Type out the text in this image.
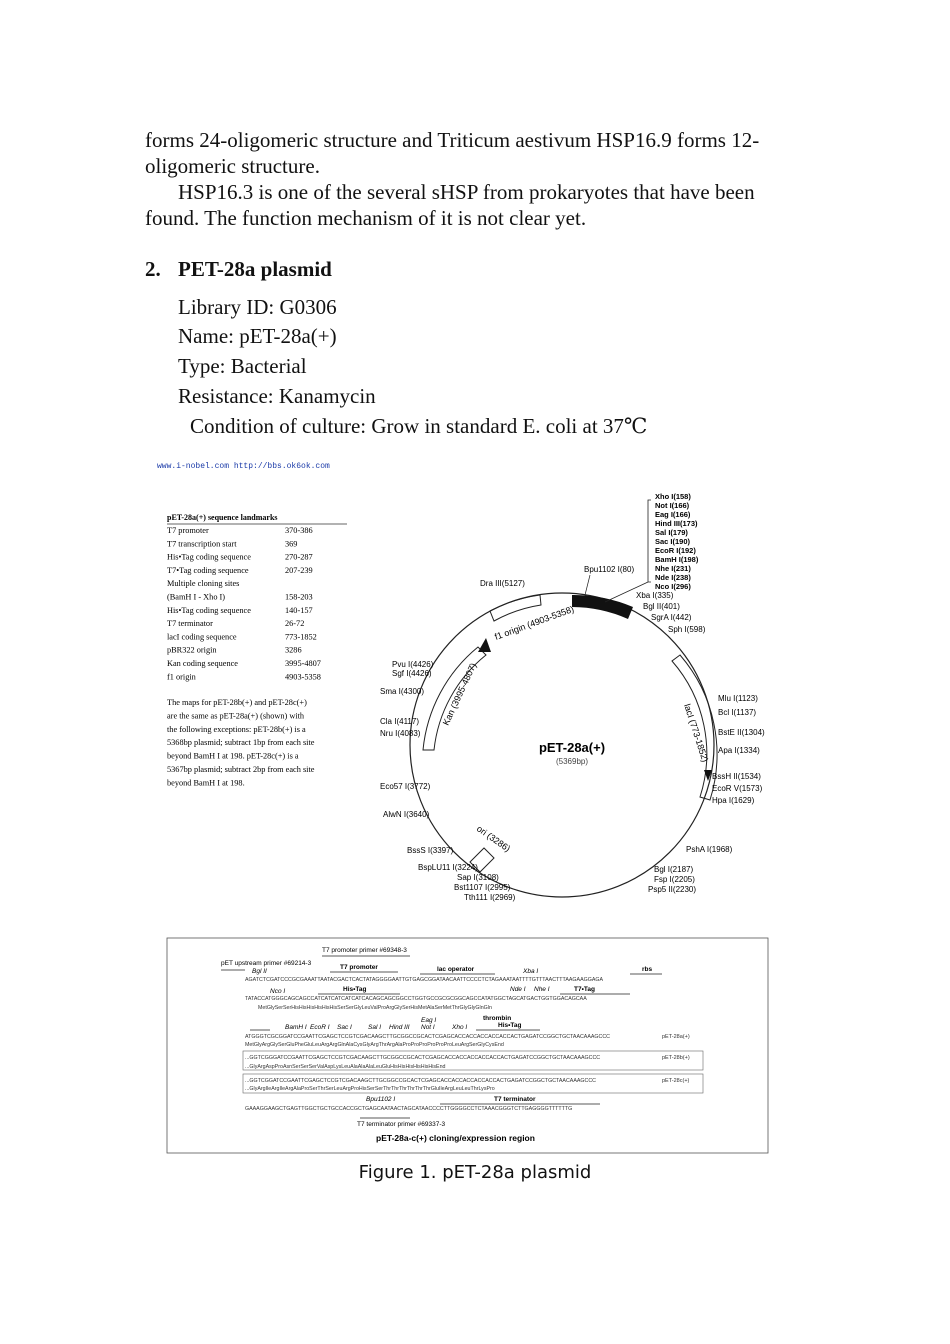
forms 24-oligomeric structure and Triticum aestivum HSP16.9 forms 12-
oligomeric structure.
HSP16.3 is one of the several sHSP from prokaryotes that have been
found. The function mechanism of it is not clear yet.
2. PET-28a plasmid
Library ID: G0306
Name: pET-28a(+)
Type: Bacterial
Resistance: Kanamycin
Condition of culture: Grow in standard E. coli at 37℃
www.i-nobel.com http://bbs.ok6ok.com
pET-28a(+) sequence landmarks
T7 promoter	370-386
T7 transcription start	369
His•Tag coding sequence	270-287
T7•Tag coding sequence	207-239
Multiple cloning sites
(BamH I - Xho I)	158-203
His•Tag coding sequence	140-157
T7 terminator	26-72
lacI coding sequence	773-1852
pBR322 origin	3286
Kan coding sequence	3995-4807
f1 origin	4903-5358
The maps for pET-28b(+) and pET-28c(+)
are the same as pET-28a(+) (shown) with
the following exceptions: pET-28b(+) is a
5368bp plasmid; subtract 1bp from each site
beyond BamH I at 198. pET-28c(+) is a
5367bp plasmid; subtract 2bp from each site
beyond BamH I at 198.
pET-28a(+)
(5369bp)
f1 origin (4903-5358)
Kan (3995-4807)
lacI (773-1852)
ori (3286)
Xho I(158)
Not I(166)
Eag I(166)
Hind III(173)
Sal I(179)
Sac I(190)
EcoR I(192)
BamH I(198)
Nhe I(231)
Nde I(238)
Nco I(296)
Bpu1102 I(80)
Xba I(335)
Bgl II(401)
SgrA I(442)
Sph I(598)
Mlu I(1123)
Bcl I(1137)
BstE II(1304)
Apa I(1334)
BssH II(1534)
EcoR V(1573)
Hpa I(1629)
PshA I(1968)
Bgl I(2187)
Fsp I(2205)
Psp5 II(2230)
Tth111 I(2969)
Bst1107 I(2995)
Sap I(3108)
BspLU11 I(3224)
BssS I(3397)
AlwN I(3640)
Eco57 I(3772)
Nru I(4083)
Cla I(4117)
Sma I(4300)
Sgf I(4426)
Pvu I(4426)
Dra III(5127)
T7 promoter primer #69348-3
pET upstream primer #69214-3
Bgl II
T7 promoter	lac operator	Xba I	rbs
AGATCTCGATCCCGCGAAATTAATACGACTCACTATAGGGGAATTGTGAGCGGATAACAATTCCCCTCTAGAAATAATTTTGTTTAACTTTAAGAAGGAGA
TATACCATGGGCAGCAGCCATCATCATCATCATCACAGCAGCGGCCTGGTGCCGCGCGGCAGCCATATGGCTAGCATGACTGGTGGACAGCAA
MetGlySerSerHisHisHisHisHisHisSerSerGlyLeuValProArgGlySerHisMetAlaSerMetThrGlyGlyGlnGln
ATGGGTCGCGGATCCGAATTCGAGCTCCGTCGACAAGCTTGCGGCCGCACTCGAGCACCACCACCACCACCACTGAGATCCGGCTGCTAACAAAGCCC
MetGlyArgGlySerGluPheGluLeuArgArgGlnAlaCysGlyArgThrArgAlaProProProProProProLeuArgSerGlyCysEnd
...GGTCGGGATCCGAATTCGAGCTCCGTCGACAAGCTTGCGGCCGCACTCGAGCACCACCACCACCACCACTGAGATCCGGCTGCTAACAAAGCCC
...GlyArgAspProAsnSerSerSerValAspLysLeuAlaAlaAlaLeuGluHisHisHisHisHisHisEnd
...GGTCGGATCCGAATTCGAGCTCCGTCGACAAGCTTGCGGCCGCACTCGAGCACCACCACCACCACCACTGAGATCCGGCTGCTAACAAAGCCC
...GlyArgIleArgIleArgAlaProSerThrSerLeuArgProHisSerSerThrThrThrThrThrThrGluIleArgLeuLeuThrLysPro
GAAAGGAAGCTGAGTTGGCTGCTGCCACCGCTGAGCAATAACTAGCATAACCCCTTGGGGCCTCTAAACGGGTCTTGAGGGGTTTTTTG
Nco I	His•Tag	Nde I Nhe I	T7•Tag
thrombin
BamH I EcoR I Sac I Sal I Hind III
Eag I
Not I	Xho I	His•Tag
pET-28a(+)
pET-28b(+)
pET-28c(+)
Bpu1102 I	T7 terminator
T7 terminator primer #69337-3
pET-28a-c(+) cloning/expression region
Figure 1. pET-28a plasmid
